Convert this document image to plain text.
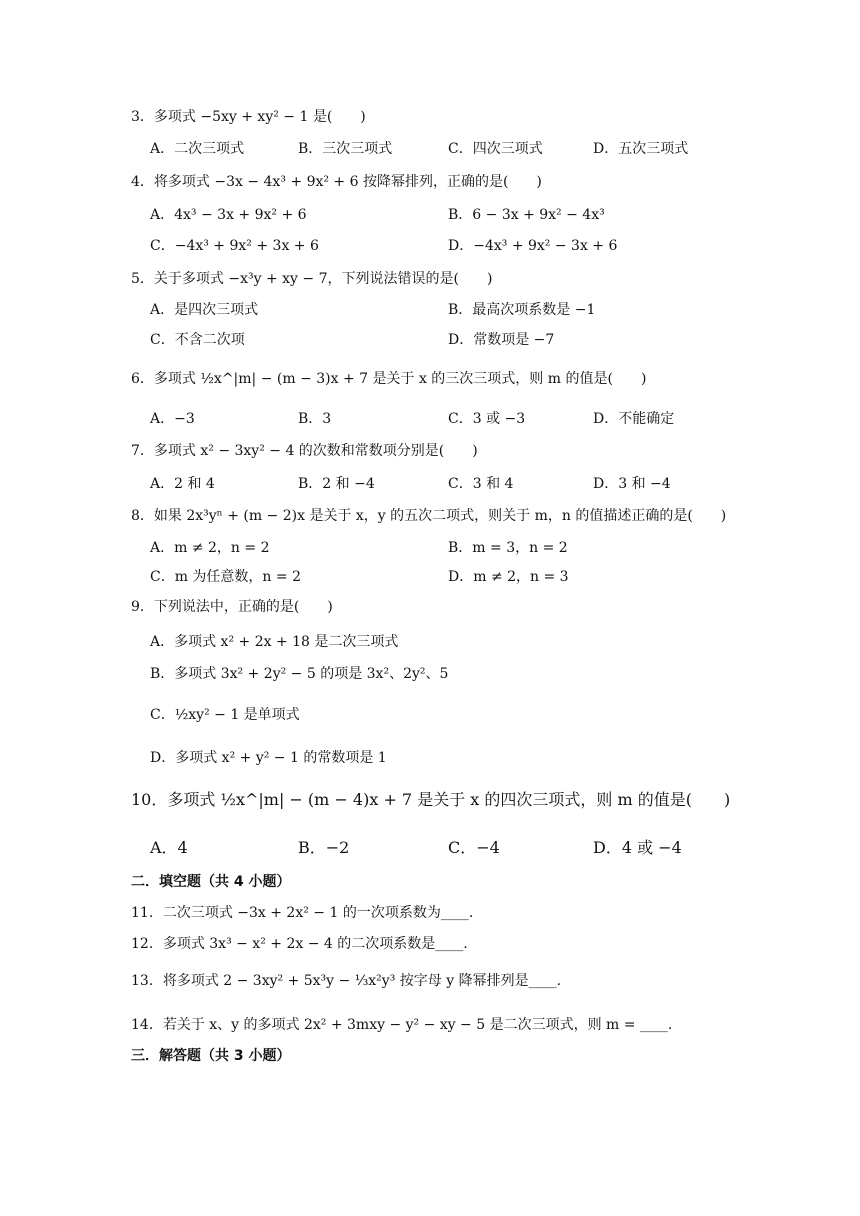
3．多项式 −5xy + xy² − 1 是(　　)
A．二次三项式	B．三次三项式	C．四次三项式	D．五次三项式
4．将多项式 −3x − 4x³ + 9x² + 6 按降幂排列，正确的是(　　)
A．4x³ − 3x + 9x² + 6	B．6 − 3x + 9x² − 4x³
C．−4x³ + 9x² + 3x + 6	D．−4x³ + 9x² − 3x + 6
5．关于多项式 −x³y + xy − 7，下列说法错误的是(　　)
A．是四次三项式	B．最高次项系数是 −1
C．不含二次项	D．常数项是 −7
6．多项式 ½x^|m| − (m − 3)x + 7 是关于 x 的三次三项式，则 m 的值是(　　)
A．−3	B．3	C．3 或 −3	D．不能确定
7．多项式 x² − 3xy² − 4 的次数和常数项分别是(　　)
A．2 和 4	B．2 和 −4	C．3 和 4	D．3 和 −4
8．如果 2x³yⁿ + (m − 2)x 是关于 x，y 的五次二项式，则关于 m，n 的值描述正确的是(　　)
A．m ≠ 2，n = 2	B．m = 3，n = 2
C．m 为任意数，n = 2	D．m ≠ 2，n = 3
9．下列说法中，正确的是(　　)
A．多项式 x² + 2x + 18 是二次三项式
B．多项式 3x² + 2y² − 5 的项是 3x²、2y²、5
C．½xy² − 1 是单项式
D．多项式 x² + y² − 1 的常数项是 1
10．多项式 ½x^|m| − (m − 4)x + 7 是关于 x 的四次三项式，则 m 的值是(　　)
A．4	B．−2	C．−4	D．4 或 −4
二．填空题（共 4 小题）
11．二次三项式 −3x + 2x² − 1 的一次项系数为____.
12．多项式 3x³ − x² + 2x − 4 的二次项系数是____.
13．将多项式 2 − 3xy² + 5x³y − ⅓x²y³ 按字母 y 降幂排列是____.
14．若关于 x、y 的多项式 2x² + 3mxy − y² − xy − 5 是二次三项式，则 m = ____.
三．解答题（共 3 小题）
